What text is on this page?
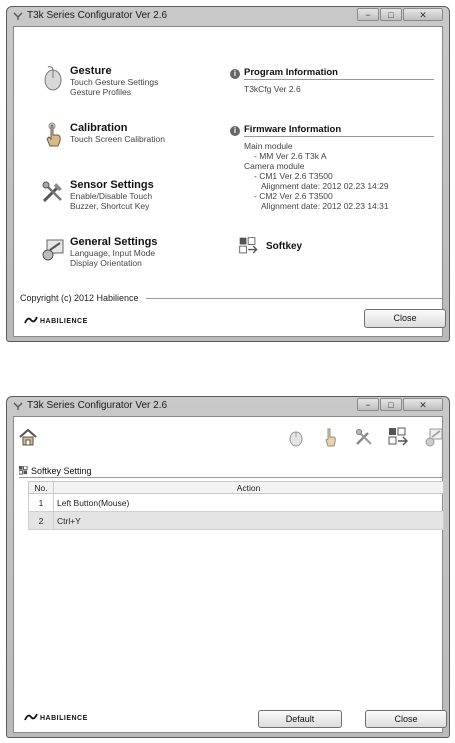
T3k Series Configurator Ver 2.6	−	□	✕
Gesture
Touch Gesture Settings
Gesture Profiles
Calibration
Touch Screen Calibration
Sensor Settings
Enable/Disable Touch
Buzzer, Shortcut Key
General Settings
Language, Input Mode
Display Orientation
i Program Information
T3kCfg Ver 2.6
i Firmware Information
Main module
- MM Ver 2.6 T3k A
Camera module
- CM1 Ver 2.6 T3500
Alignment date: 2012 02.23 14:29
- CM2 Ver 2.6 T3500
Alignment date: 2012 02.23 14:31
Softkey
Copyright (c) 2012 Habilience
HABILIENCE	Close
T3k Series Configurator Ver 2.6	−	□	✕
Softkey Setting
No.	Action
1	Left Button(Mouse)
2	Ctrl+Y
HABILIENCE	Default	Close
